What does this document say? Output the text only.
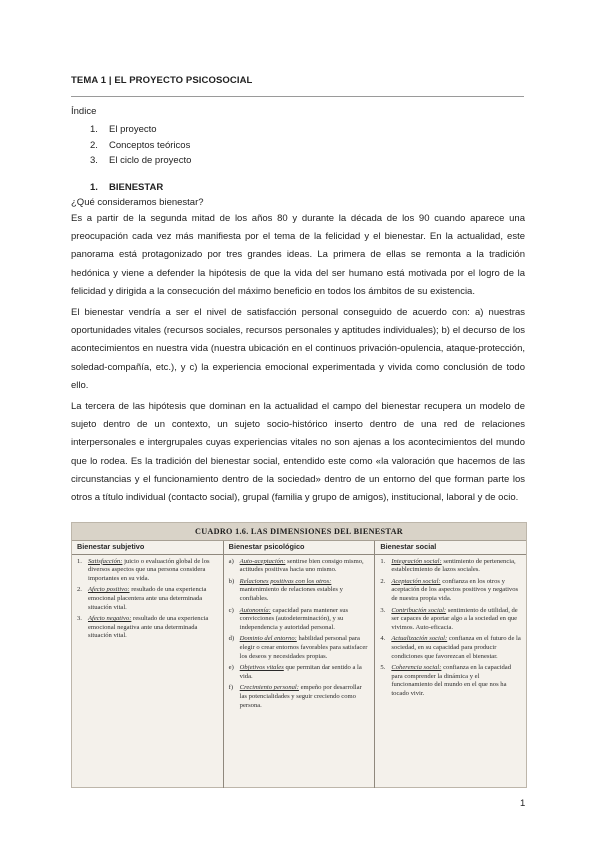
TEMA 1 | EL PROYECTO PSICOSOCIAL
Índice
1. El proyecto
2. Conceptos teóricos
3. El ciclo de proyecto
1. BIENESTAR
¿Qué consideramos bienestar?

Es a partir de la segunda mitad de los años 80 y durante la década de los 90 cuando aparece una preocupación cada vez más manifiesta por el tema de la felicidad y el bienestar. En la actualidad, este panorama está protagonizado por tres grandes ideas. La primera de ellas se remonta a la tradición hedónica y viene a defender la hipótesis de que la vida del ser humano está motivada por el logro de la felicidad y dirigida a la consecución del máximo beneficio en todos los ámbitos de su existencia.

El bienestar vendría a ser el nivel de satisfacción personal conseguido de acuerdo con: a) nuestras oportunidades vitales (recursos sociales, recursos personales y aptitudes individuales); b) el decurso de los acontecimientos en nuestra vida (nuestra ubicación en el continuos privación-opulencia, ataque-protección, soledad-compañía, etc.), y c) la experiencia emocional experimentada y vivida como conclusión de todo ello.

La tercera de las hipótesis que dominan en la actualidad el campo del bienestar recupera un modelo de sujeto dentro de un contexto, un sujeto socio-histórico inserto dentro de una red de relaciones interpersonales e intergrupales cuyas experiencias vitales no son ajenas a los acontecimientos del mundo que lo rodea. Es la tradición del bienestar social, entendido este como «la valoración que hacemos de las circunstancias y el funcionamiento dentro de la sociedad» dentro de un entorno del que forman parte los otros a título individual (contacto social), grupal (familia y grupo de amigos), institucional, laboral y de ocio.

CUADRO 1.6. LAS DIMENSIONES DEL BIENESTAR
Bienestar subjetivo
1. Satisfacción: juicio o evaluación global de los diversos aspectos que una persona considera importantes en su vida.
2. Afecto positivo: resultado de una experiencia emocional placentera ante una determinada situación vital.
3. Afecto negativo: resultado de una experiencia emocional negativa ante una determinada situación vital.
Bienestar psicológico
a) Auto-aceptación: sentirse bien consigo mismo, actitudes positivas hacia uno mismo.
b) Relaciones positivas con los otros: mantenimiento de relaciones estables y confiables.
c) Autonomía: capacidad para mantener sus convicciones (autodeterminación), y su independencia y autoridad personal.
d) Dominio del entorno: habilidad personal para elegir o crear entornos favorables para satisfacer los deseos y necesidades propias.
e) Objetivos vitales que permitan dar sentido a la vida.
f) Crecimiento personal: empeño por desarrollar las potencialidades y seguir creciendo como persona.
Bienestar social
1. Integración social: sentimiento de pertenencia, establecimiento de lazos sociales.
2. Aceptación social: confianza en los otros y aceptación de los aspectos positivos y negativos de nuestra propia vida.
3. Contribución social: sentimiento de utilidad, de ser capaces de aportar algo a la sociedad en que vivimos. Auto-eficacia.
4. Actualización social: confianza en el futuro de la sociedad, en su capacidad para producir condiciones que favorezcan el bienestar.
5. Coherencia social: confianza en la capacidad para comprender la dinámica y el funcionamiento del mundo en el que nos ha tocado vivir.
1
